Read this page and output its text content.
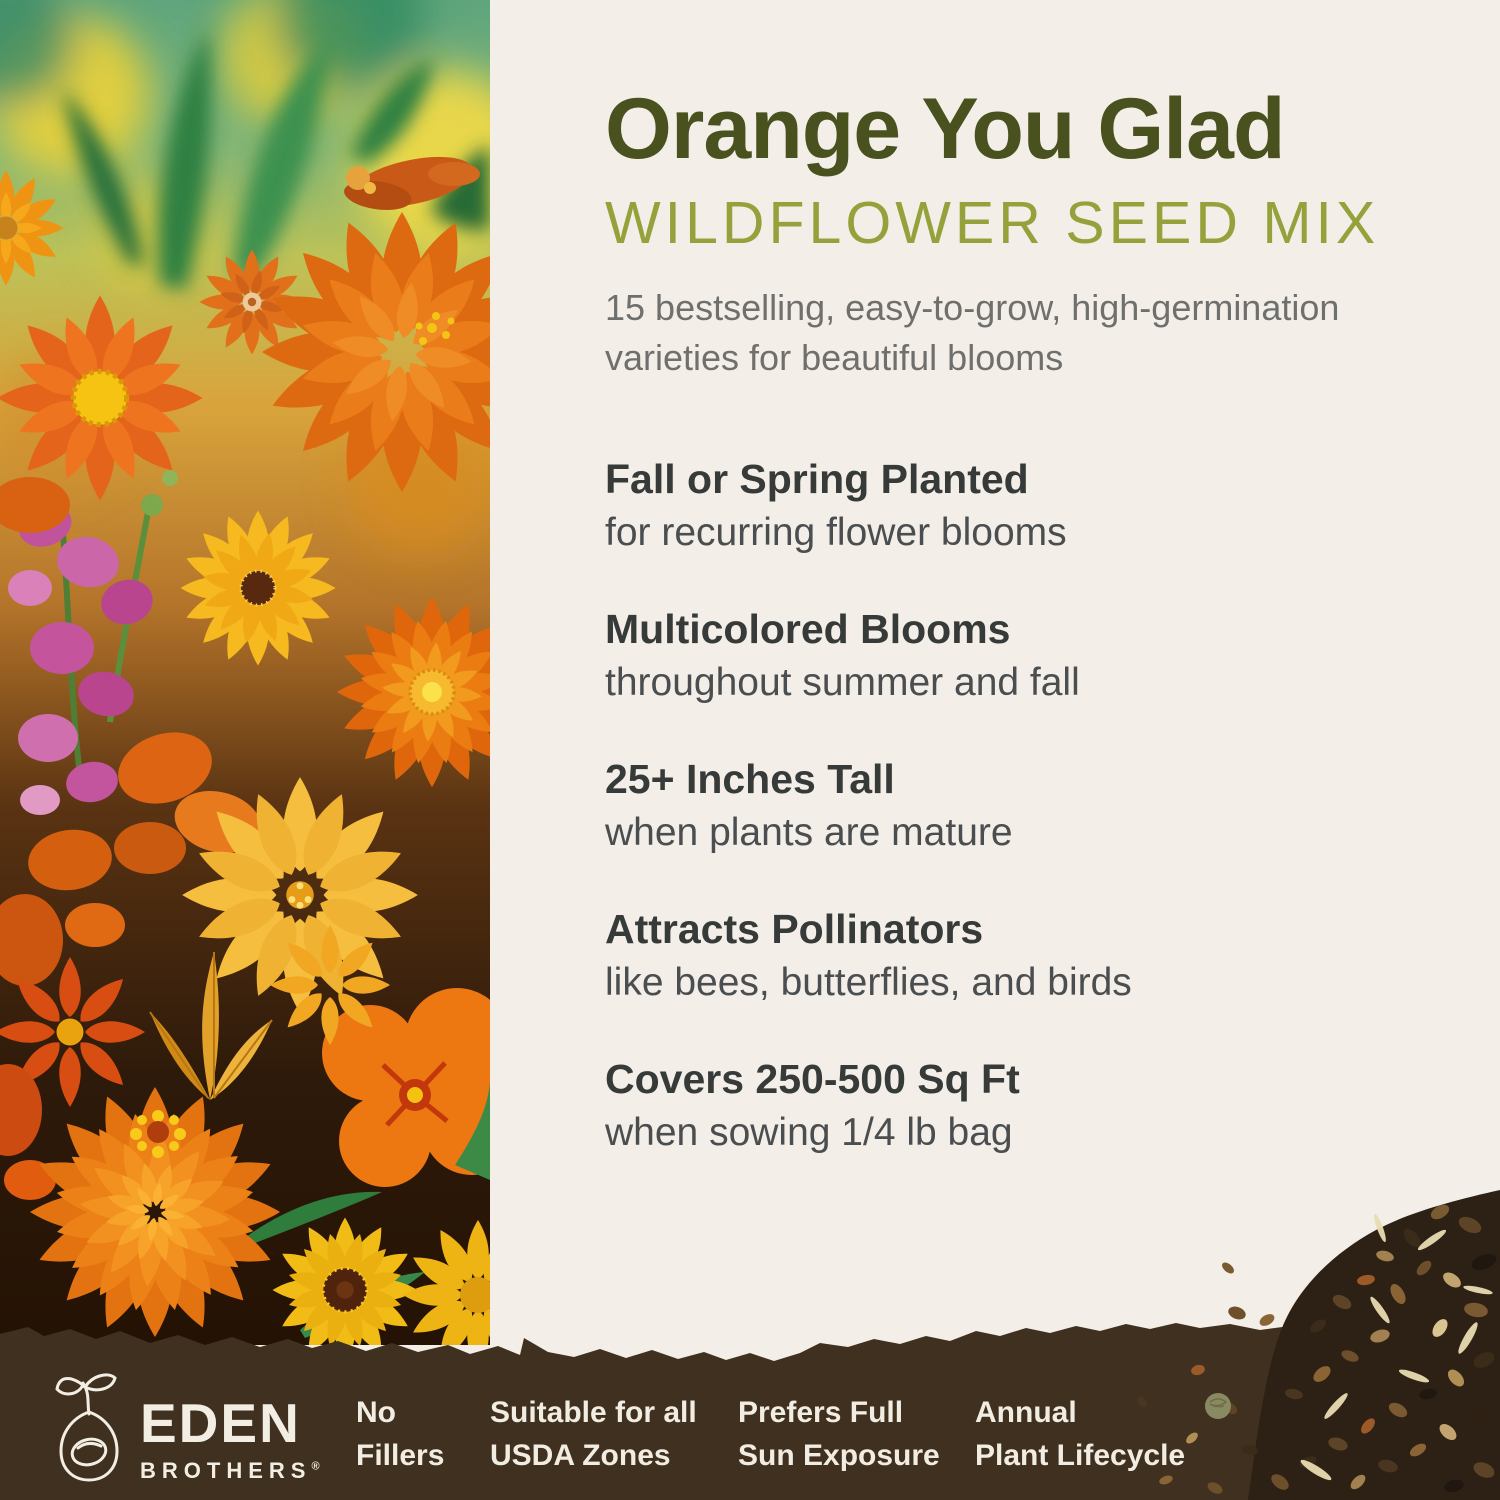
Orange You Glad
WILDFLOWER SEED MIX

15 bestselling, easy-to-grow, high-germination
varieties for beautiful blooms

Fall or Spring Planted

for recurring flower blooms

Multicolored Blooms

throughout summer and fall

25+ Inches Tall

when plants are mature

Attracts Pollinators

like bees, butterflies, and birds

Covers 250-500 Sq Ft

when sowing 1/4 lb bag

EDEN
BROTHERS®
No
Fillers
Suitable for all
USDA Zones
Prefers Full
Sun Exposure
Annual
Plant Lifecycle
